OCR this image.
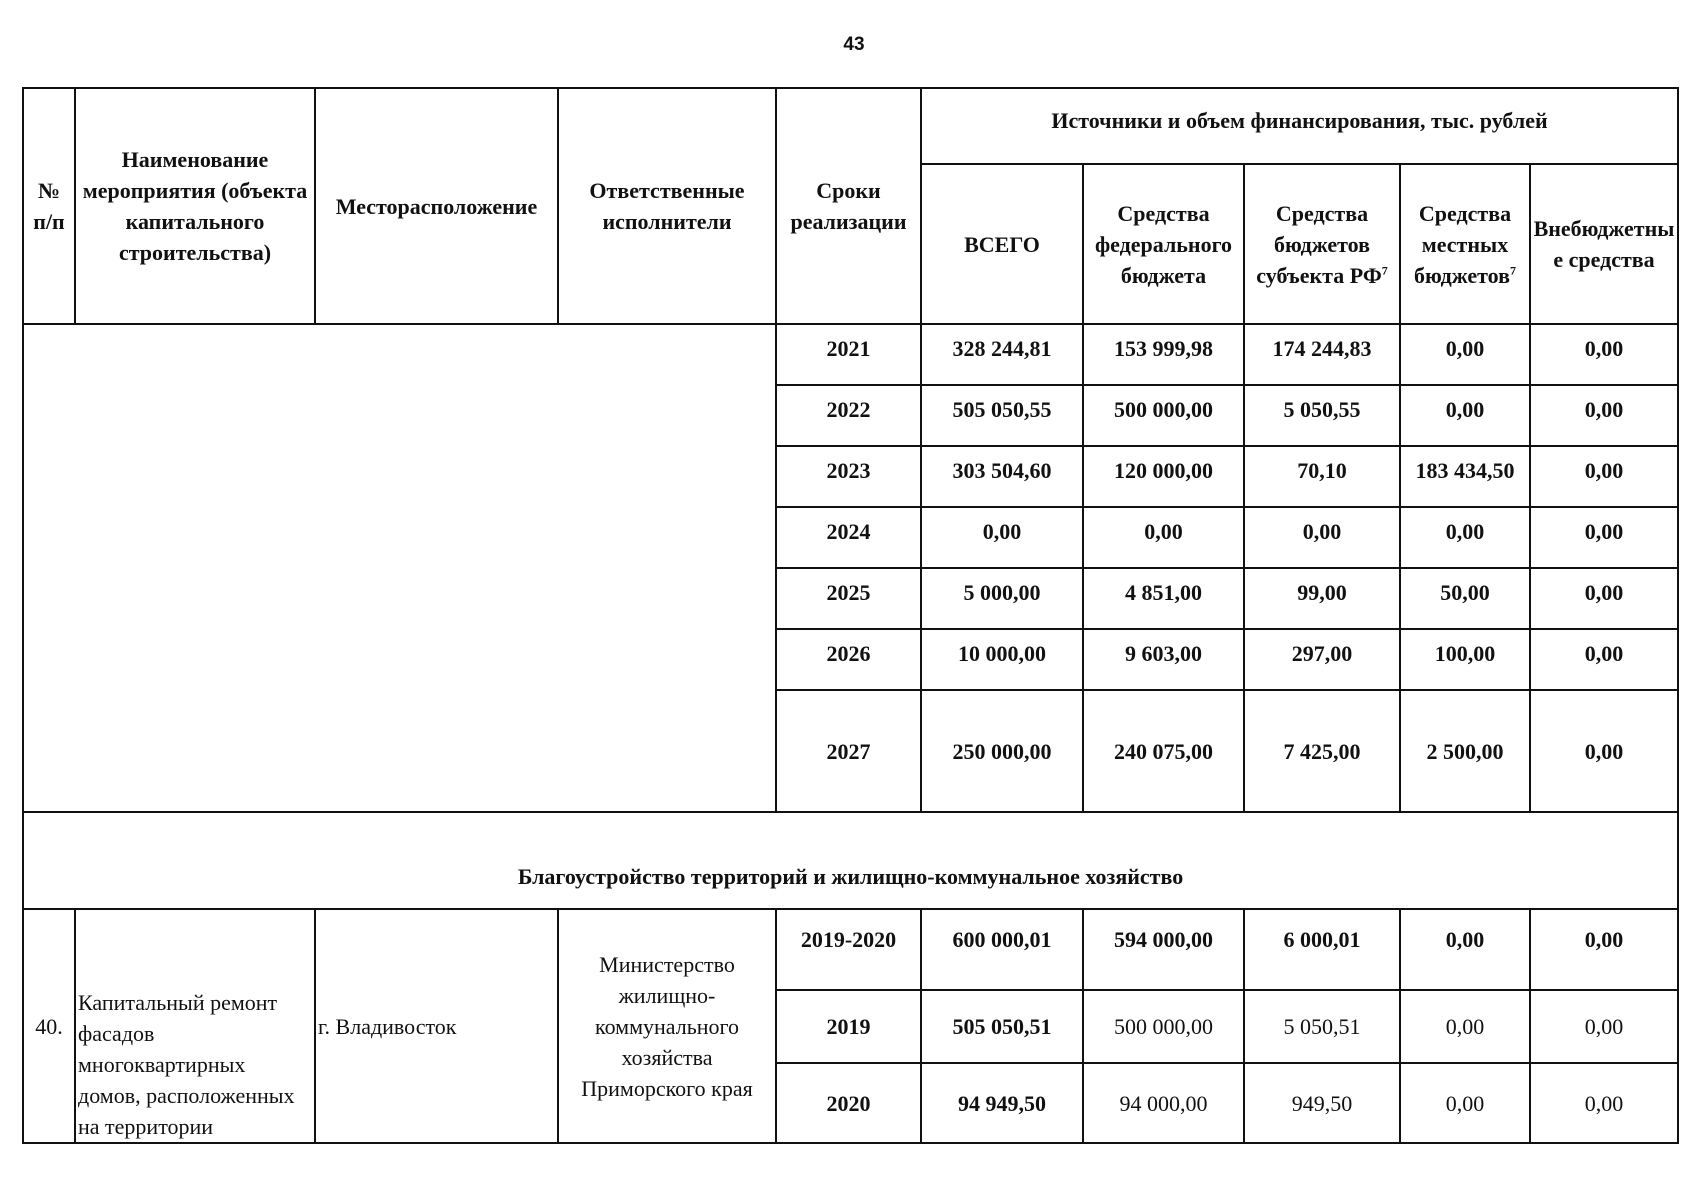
43
№ п/п	Наименование мероприятия (объекта капитального строительства)	Месторасположение	Ответственные исполнители	Сроки реализации	Источники и объем финансирования, тыс. рублей				
					ВСЕГО	Средства федерального бюджета	Средства бюджетов субъекта $РФ^7$	Средства местных бюджетов$^7$	Внебюджетные средства
				2021	328 244,81	153 999,98	174 244,83	0,00	0,00
				2022	505 050,55	500 000,00	5 050,55	0,00	0,00
				2023	303 504,60	120 000,00	70,10	183 434,50	0,00
				2024	0,00	0,00	0,00	0,00	0,00
				2025	5 000,00	4 851,00	99,00	50,00	0,00
				2026	10 000,00	9 603,00	297,00	100,00	0,00
				2027	250 000,00	240 075,00	7 425,00	2 500,00	0,00
Благоустройство территорий и жилищно-коммунальное хозяйство									
40.	Капитальный ремонт фасадов многоквартирных домов, расположенных на территории	г. Владивосток	Министерство жилищно-коммунального хозяйства Приморского края	2019-2020	600 000,01	594 000,00	6 000,01	0,00	0,00
				2019	505 050,51	500 000,00	5 050,51	0,00	0,00
				2020	94 949,50	94 000,00	949,50	0,00	0,00
